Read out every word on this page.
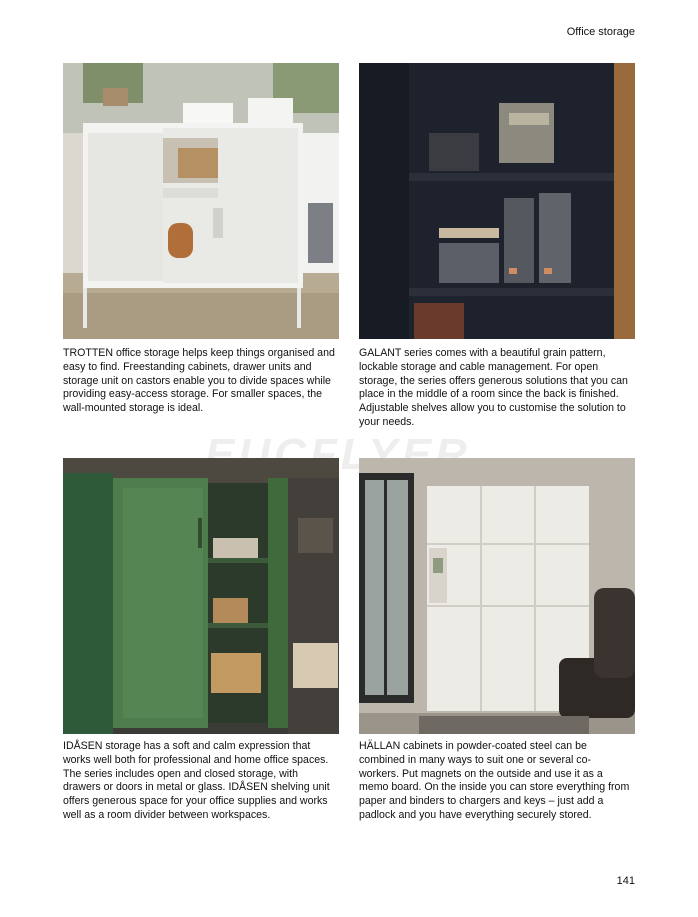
Office storage
TROTTEN office storage helps keep things organised and easy to find. Freestanding cabinets, drawer units and storage unit on castors enable you to divide spaces while providing easy-access storage. For smaller spaces, the wall-mounted storage is ideal.
GALANT series comes with a beautiful grain pattern, lockable storage and cable management. For open storage, the series offers generous solutions that you can place in the middle of a room since the back is finished. Adjustable shelves allow you to customise the solution to your needs.
EUCFLYER
IDÅSEN storage has a soft and calm expression that works well both for professional and home office spaces. The series includes open and closed storage, with drawers or doors in metal or glass. IDÅSEN shelving unit offers generous space for your office supplies and works well as a room divider between workspaces.
HÄLLAN cabinets in powder-coated steel can be combined in many ways to suit one or several co-workers. Put magnets on the outside and use it as a memo board. On the inside you can store everything from paper and binders to chargers and keys – just add a padlock and you have everything securely stored.
141
